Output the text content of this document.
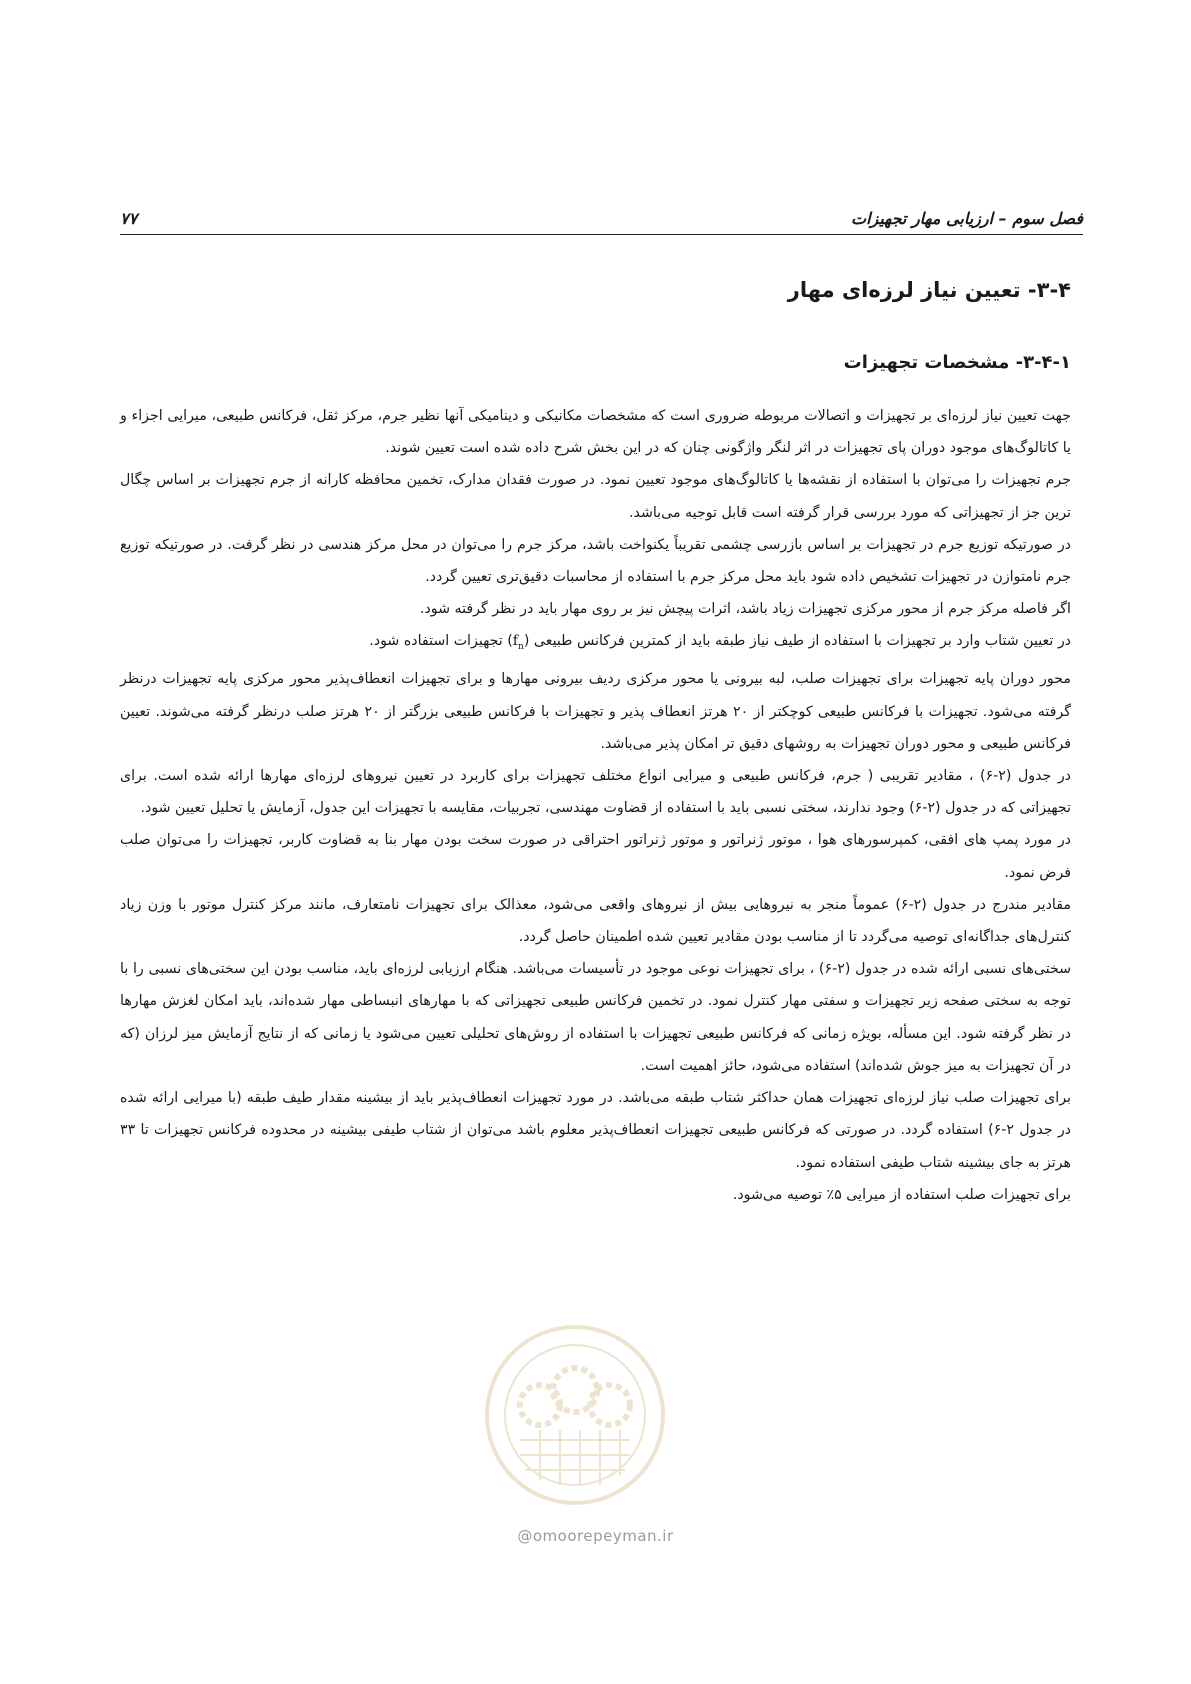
فصل سوم – ارزیابی مهار تجهیزات
۷۷
۳-۴- تعیین نیاز لرزه‌ای مهار
۳-۴-۱- مشخصات تجهیزات

جهت تعیین نیاز لرزه‌ای بر تجهیزات و اتصالات مربوطه ضروری است که مشخصات مکانیکی و دینامیکی آنها نظیر جرم، مرکز ثقل، فرکانس طبیعی، میرایی اجزاء و یا کاتالوگ‌های موجود دوران پای تجهیزات در اثر لنگر واژگونی چنان که در این بخش شرح داده شده است تعیین شوند.

جرم تجهیزات را می‌توان با استفاده از نقشه‌ها یا کاتالوگ‌های موجود تعیین نمود. در صورت فقدان مدارک، تخمین محافظه کارانه از جرم تجهیزات بر اساس چگال ترین جز از تجهیزاتی که مورد بررسی قرار گرفته است قابل توجیه می‌باشد.

در صورتیکه توزیع جرم در تجهیزات بر اساس بازرسی چشمی تقریباً یکنواخت باشد، مرکز جرم را می‌توان در محل مرکز هندسی در نظر گرفت. در صورتیکه توزیع جرم نامتوازن در تجهیزات تشخیص داده شود باید محل مرکز جرم با استفاده از محاسبات دقیق‌تری تعیین گردد.

اگر فاصله مرکز جرم از محور مرکزی تجهیزات زیاد باشد، اثرات پیچش نیز بر روی مهار باید در نظر گرفته شود.

در تعیین شتاب وارد بر تجهیزات با استفاده از طیف نیاز طبقه باید از کمترین فرکانس طبیعی $(f_n)$ تجهیزات استفاده شود.

محور دوران پایه تجهیزات برای تجهیزات صلب، لبه بیرونی یا محور مرکزی ردیف بیرونی مهارها و برای تجهیزات انعطاف‌پذیر محور مرکزی پایه تجهیزات درنظر گرفته می‌شود. تجهیزات با فرکانس طبیعی کوچکتر از ۲۰ هرتز انعطاف پذیر و تجهیزات با فرکانس طبیعی بزرگتر از ۲۰ هرتز صلب درنظر گرفته می‌شوند. تعیین فرکانس طبیعی و محور دوران تجهیزات به روشهای دقیق تر امکان پذیر می‌باشد.

در جدول (۲-۶) ، مقادیر تقریبی ( جرم، فرکانس طبیعی و میرایی انواع مختلف تجهیزات برای کاربرد در تعیین نیروهای لرزه‌ای مهارها ارائه شده است. برای تجهیزاتی که در جدول (۲-۶) وجود ندارند، سختی نسبی باید با استفاده از قضاوت مهندسی، تجربیات، مقایسه با تجهیزات این جدول، آزمایش یا تحلیل تعیین شود.

در مورد پمپ های افقی، کمپرسورهای هوا ، موتور ژنراتور و موتور ژنراتور احتراقی در صورت سخت بودن مهار بنا به قضاوت کاربر، تجهیزات را می‌توان صلب فرض نمود.

مقادیر مندرج در جدول (۲-۶) عموماً منجر به نیروهایی بیش از نیروهای واقعی می‌شود، معذالک برای تجهیزات نامتعارف، مانند مرکز کنترل موتور با وزن زیاد کنترل‌های جداگانه‌ای توصیه می‌گردد تا از مناسب بودن مقادیر تعیین شده اطمینان حاصل گردد.

سختی‌های نسبی ارائه شده در جدول (۲-۶) ، برای تجهیزات نوعی موجود در تأسیسات می‌باشد. هنگام ارزیابی لرزه‌ای باید، مناسب بودن این سختی‌های نسبی را با توجه به سختی صفحه زیر تجهیزات و سفتی مهار کنترل نمود. در تخمین فرکانس طبیعی تجهیزاتی که با مهارهای انبساطی مهار شده‌اند، باید امکان لغزش مهارها در نظر گرفته شود. این مسأله، بویژه زمانی که فرکانس طبیعی تجهیزات با استفاده از روش‌های تحلیلی تعیین می‌شود یا زمانی که از نتایج آزمایش میز لرزان (که در آن تجهیزات به میز جوش شده‌اند) استفاده می‌شود، حائز اهمیت است.

برای تجهیزات صلب نیاز لرزه‌ای تجهیزات همان حداکثر شتاب طبقه می‌باشد. در مورد تجهیزات انعطاف‌پذیر باید از بیشینه مقدار طیف طبقه (با میرایی ارائه شده در جدول ۲-۶) استفاده گردد. در صورتی که فرکانس طبیعی تجهیزات انعطاف‌پذیر معلوم باشد می‌توان از شتاب طیفی بیشینه در محدوده فرکانس تجهیزات تا ۳۳ هرتز به جای بیشینه شتاب طیفی استفاده نمود.

برای تجهیزات صلب استفاده از میرایی ۵٪ توصیه می‌شود.

@omoorepeyman.ir
